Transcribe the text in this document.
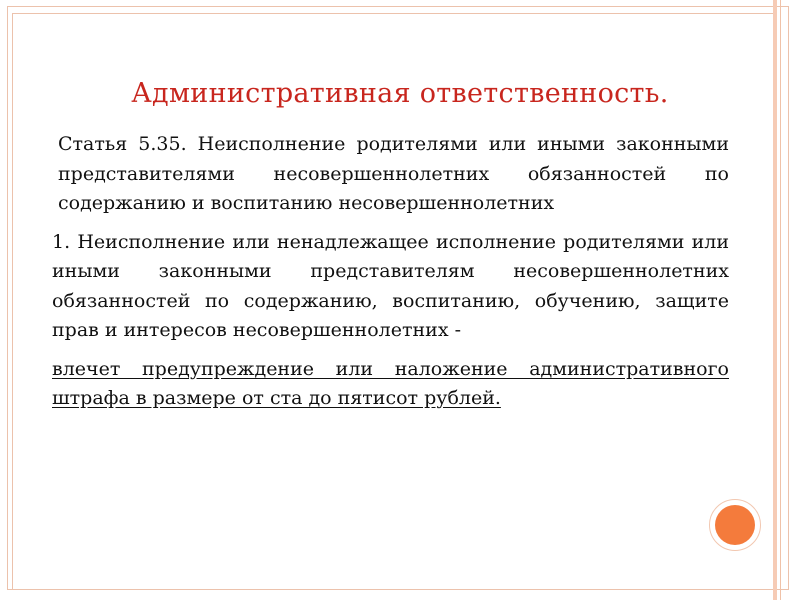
Административная ответственность.

Статья 5.35. Неисполнение родителями или иными законными представителями несовершеннолетних обязанностей по содержанию и воспитанию несовершеннолетних

1. Неисполнение или ненадлежащее исполнение родителями или иными законными представителям несовершеннолетних обязанностей по содержанию, воспитанию, обучению, защите прав и интересов несовершеннолетних -

влечет предупреждение или наложение административного штрафа в размере от ста до пятисот рублей.
